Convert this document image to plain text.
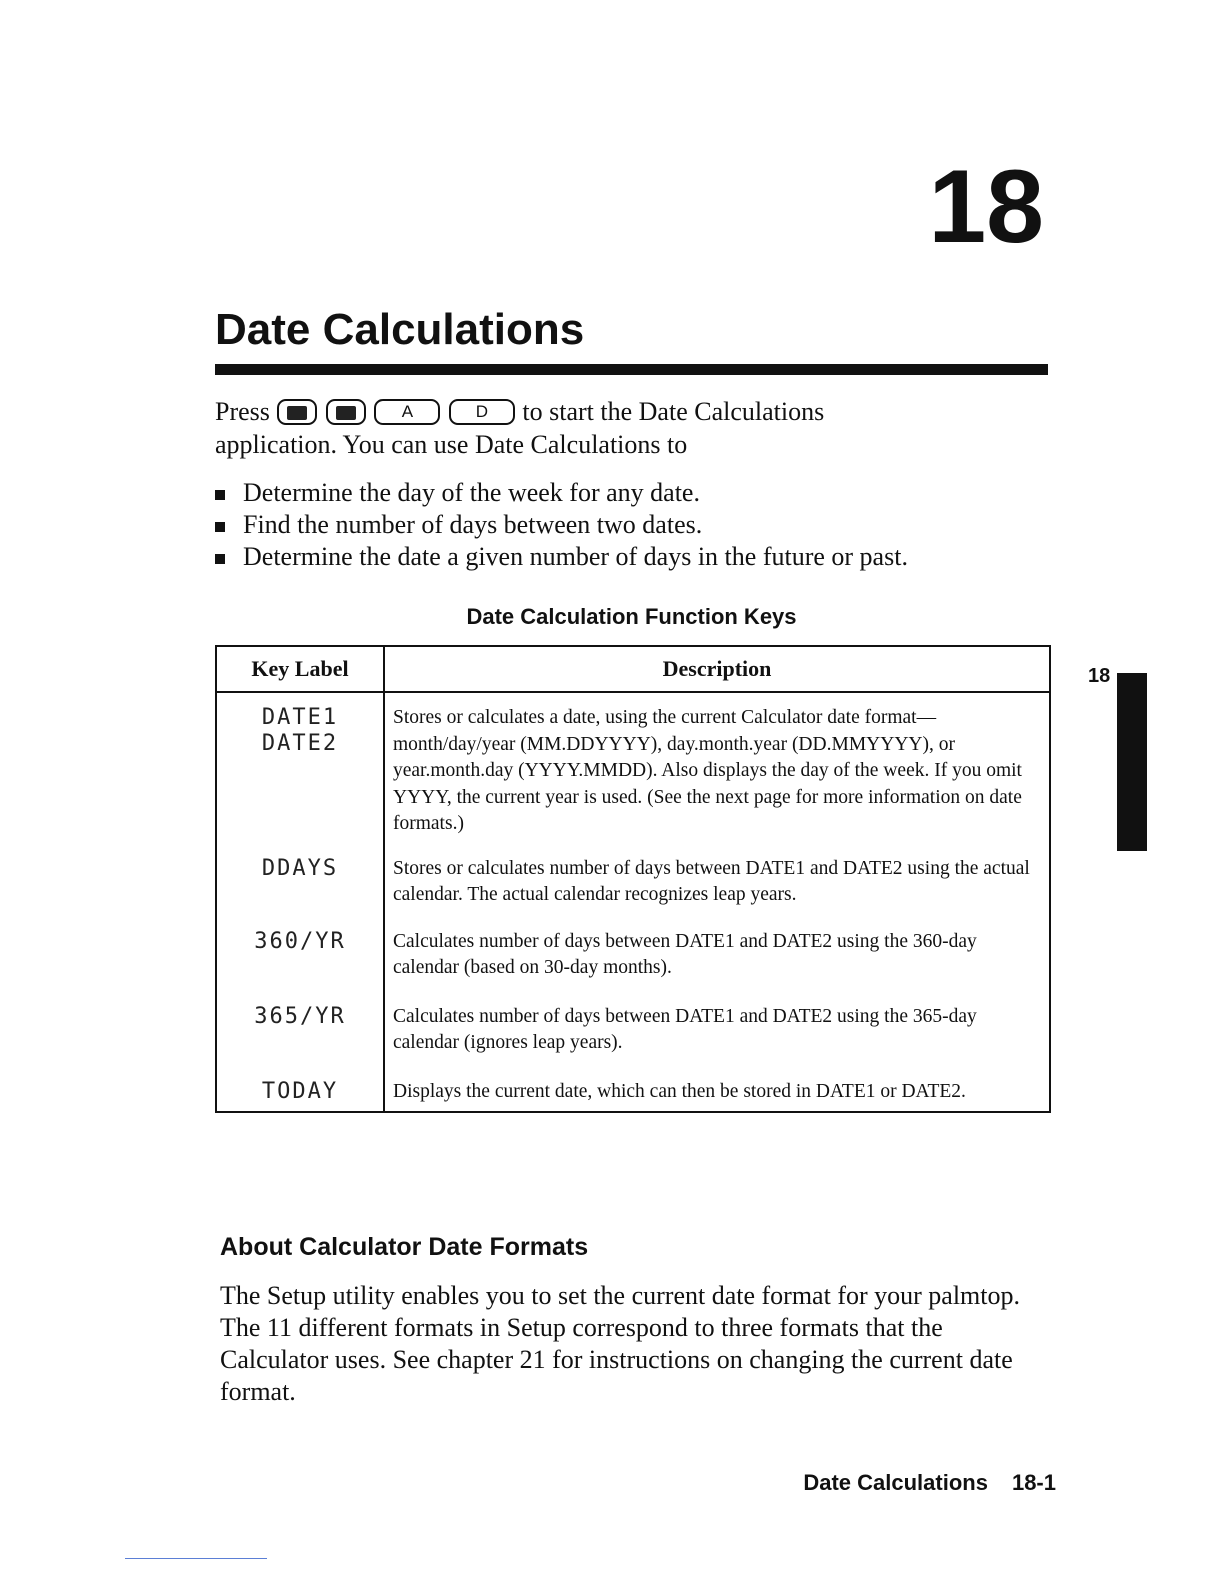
18
Date Calculations
Press	A	D to start the Date Calculations
application. You can use Date Calculations to
Determine the day of the week for any date.
Find the number of days between two dates.
Determine the date a given number of days in the future or past.
Date Calculation Function Keys
Key Label	Description

DATE1
DATE2	Stores or calculates a date, using the current Calculator date format—month/day/year (MM.DDYYYY), day.month.year (DD.MMYYYY), or year.month.day (YYYY.MMDD). Also displays the day of the week. If you omit YYYY, the current year is used. (See the next page for more information on date formats.)
DDAYS	Stores or calculates number of days between DATE1 and DATE2 using the actual calendar. The actual calendar recognizes leap years.
360/YR	Calculates number of days between DATE1 and DATE2 using the 360-day calendar (based on 30-day months).
365/YR	Calculates number of days between DATE1 and DATE2 using the 365-day calendar (ignores leap years).
TODAY	Displays the current date, which can then be stored in DATE1 or DATE2.
18
About Calculator Date Formats

The Setup utility enables you to set the current date format for your palmtop. The 11 different formats in Setup correspond to three formats that the Calculator uses. See chapter 21 for instructions on changing the current date format.

Date Calculations 18-1
